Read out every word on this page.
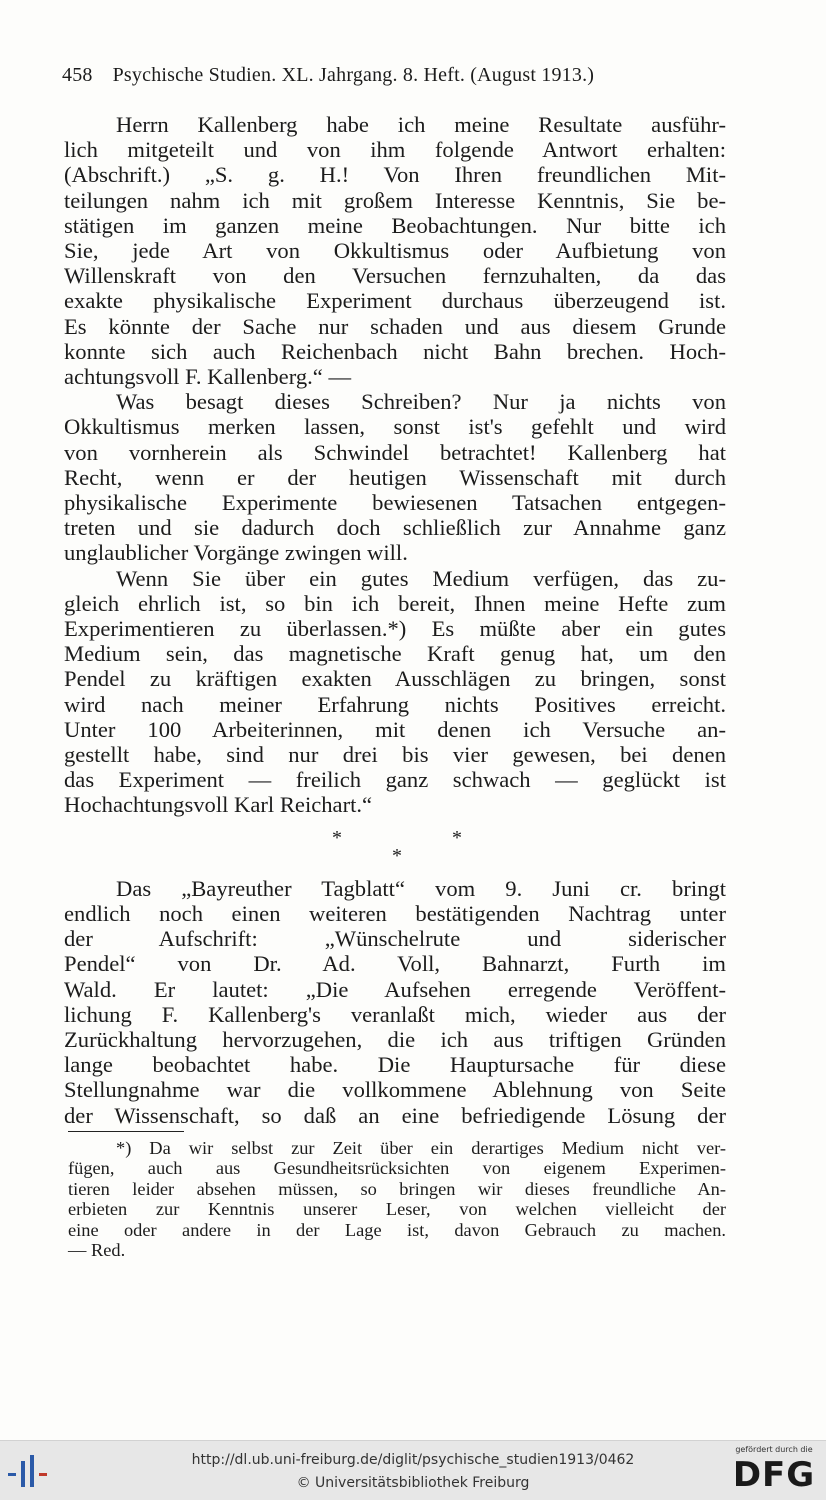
458 Psychische Studien. XL. Jahrgang. 8. Heft. (August 1913.)
Herrn Kallenberg habe ich meine Resultate ausführ-
lich mitgeteilt und von ihm folgende Antwort erhalten:
(Abschrift.) „S. g. H.! Von Ihren freundlichen Mit-
teilungen nahm ich mit großem Interesse Kenntnis, Sie be-
stätigen im ganzen meine Beobachtungen. Nur bitte ich
Sie, jede Art von Okkultismus oder Aufbietung von
Willenskraft von den Versuchen fernzuhalten, da das
exakte physikalische Experiment durchaus überzeugend ist.
Es könnte der Sache nur schaden und aus diesem Grunde
konnte sich auch Reichenbach nicht Bahn brechen. Hoch-
achtungsvoll F. Kallenberg.“ —
Was besagt dieses Schreiben? Nur ja nichts von
Okkultismus merken lassen, sonst ist's gefehlt und wird
von vornherein als Schwindel betrachtet! Kallenberg hat
Recht, wenn er der heutigen Wissenschaft mit durch
physikalische Experimente bewiesenen Tatsachen entgegen-
treten und sie dadurch doch schließlich zur Annahme ganz
unglaublicher Vorgänge zwingen will.
Wenn Sie über ein gutes Medium verfügen, das zu-
gleich ehrlich ist, so bin ich bereit, Ihnen meine Hefte zum
Experimentieren zu überlassen.*) Es müßte aber ein gutes
Medium sein, das magnetische Kraft genug hat, um den
Pendel zu kräftigen exakten Ausschlägen zu bringen, sonst
wird nach meiner Erfahrung nichts Positives erreicht.
Unter 100 Arbeiterinnen, mit denen ich Versuche an-
gestellt habe, sind nur drei bis vier gewesen, bei denen
das Experiment — freilich ganz schwach — geglückt ist
Hochachtungsvoll Karl Reichart.“
*	*
*
Das „Bayreuther Tagblatt“ vom 9. Juni cr. bringt
endlich noch einen weiteren bestätigenden Nachtrag unter
der Aufschrift: „Wünschelrute und siderischer
Pendel“ von Dr. Ad. Voll, Bahnarzt, Furth im
Wald. Er lautet: „Die Aufsehen erregende Veröffent-
lichung F. Kallenberg's veranlaßt mich, wieder aus der
Zurückhaltung hervorzugehen, die ich aus triftigen Gründen
lange beobachtet habe. Die Hauptursache für diese
Stellungnahme war die vollkommene Ablehnung von Seite
der Wissenschaft, so daß an eine befriedigende Lösung der
*) Da wir selbst zur Zeit über ein derartiges Medium nicht ver-
fügen, auch aus Gesundheitsrücksichten von eigenem Experimen-
tieren leider absehen müssen, so bringen wir dieses freundliche An-
erbieten zur Kenntnis unserer Leser, von welchen vielleicht der
eine oder andere in der Lage ist, davon Gebrauch zu machen.
— Red.
http://dl.ub.uni-freiburg.de/diglit/psychische_studien1913/0462
© Universitätsbibliothek Freiburg
gefördert durch die
DFG
